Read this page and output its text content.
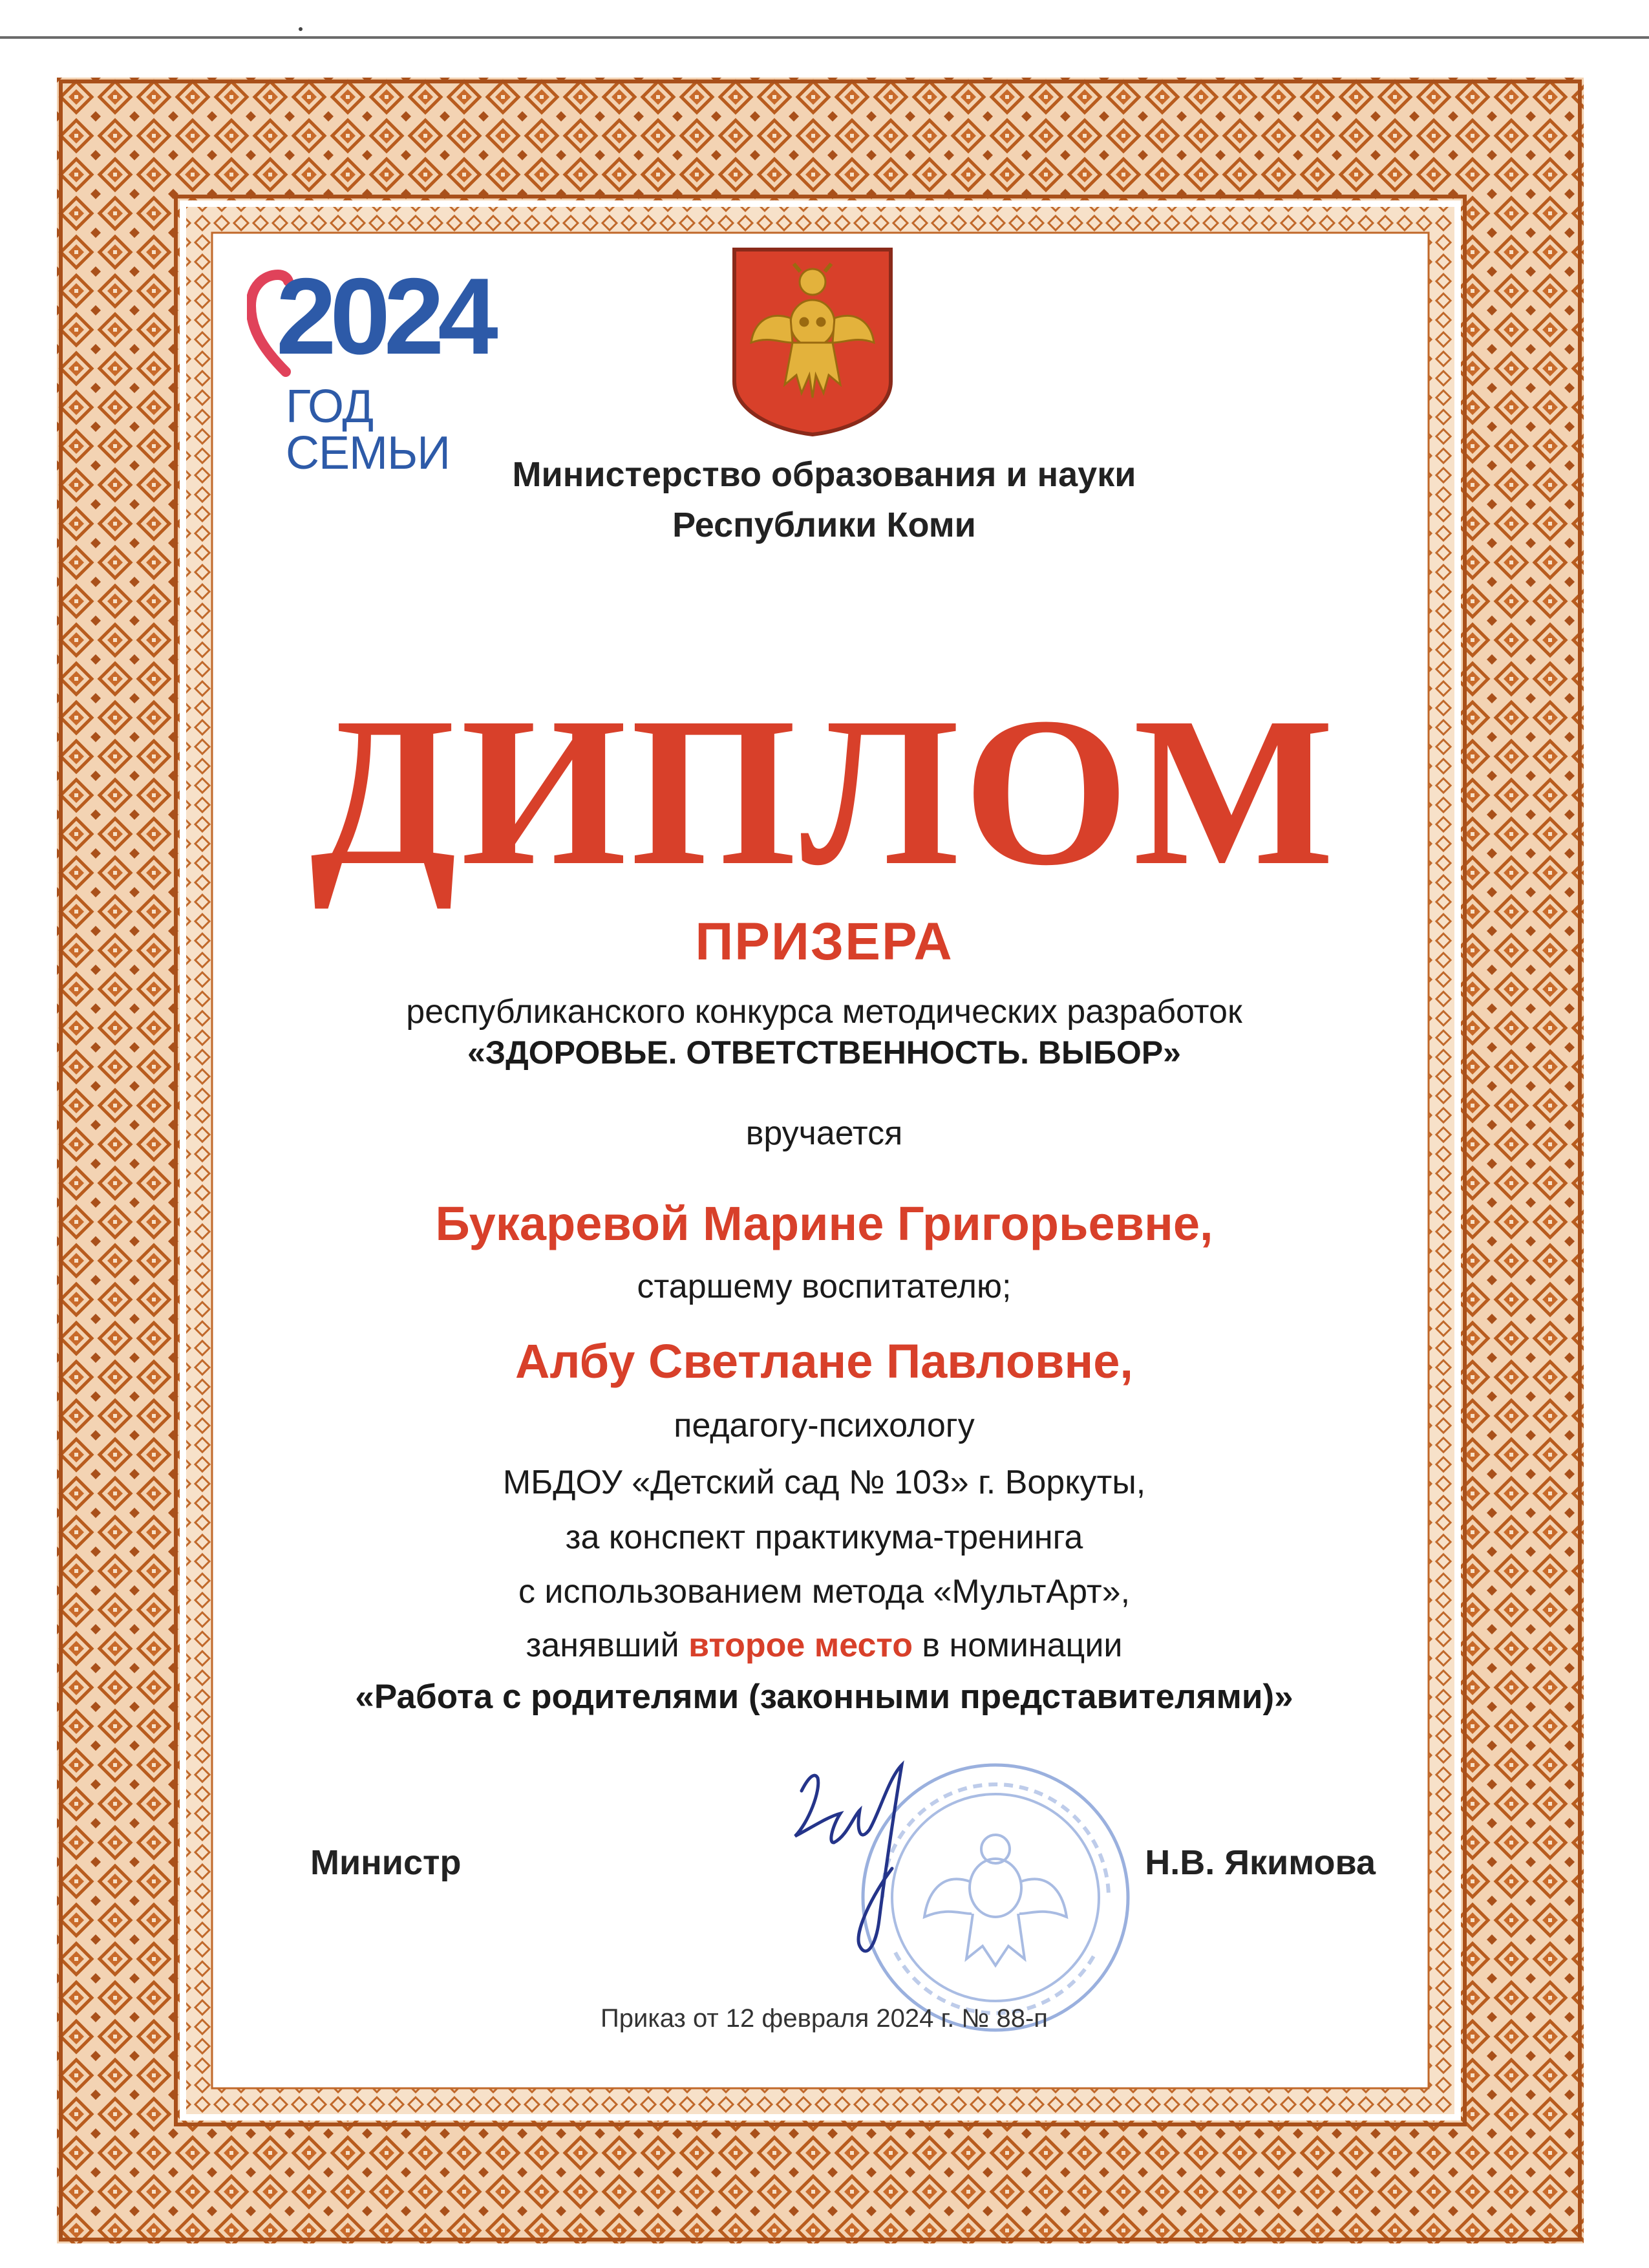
2024
ГОД СЕМЬИ	Министерство образования и науки
Республики Коми
ДИПЛОМ
ПРИЗЕРА
республиканского конкурса методических разработок
«ЗДОРОВЬЕ. ОТВЕТСТВЕННОСТЬ. ВЫБОР»
вручается
Букаревой Марине Григорьевне,
старшему воспитателю;
Албу Светлане Павловне,
педагогу-психологу
МБДОУ «Детский сад № 103» г. Воркуты,
за конспект практикума-тренинга
с использованием метода «МультАрт»,
занявший второе место в номинации
«Работа с родителями (законными представителями)»
Министр	Н.В. Якимова
Приказ от 12 февраля 2024 г. № 88-п
